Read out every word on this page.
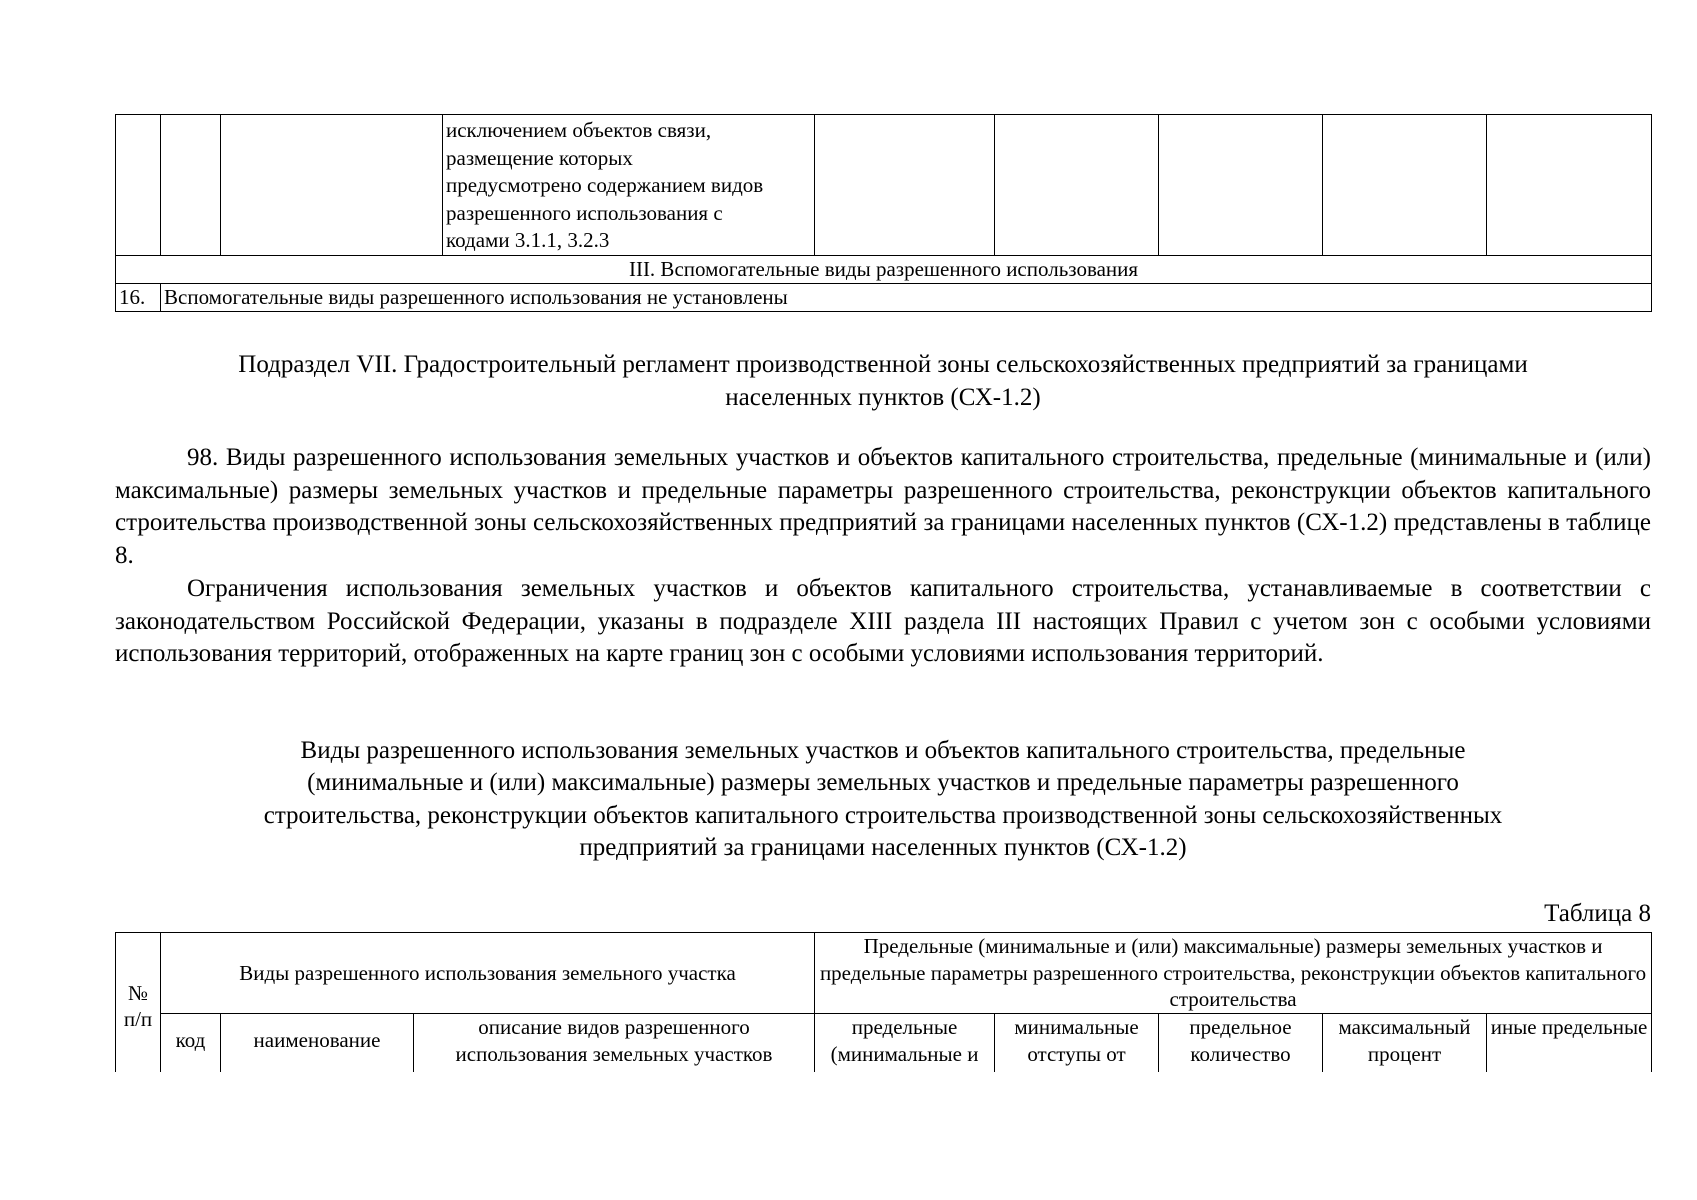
			исключением объектов связи,
размещение которых
предусмотрено содержанием видов
разрешенного использования с
кодами 3.1.1, 3.2.3					

III. Вспомогательные виды разрешенного использования								
16.	Вспомогательные виды разрешенного использования не установлены							
Подраздел VII. Градостроительный регламент производственной зоны сельскохозяйственных предприятий за границами
населенных пунктов (СХ-1.2)
98. Виды разрешенного использования земельных участков и объектов капитального строительства, предельные (минимальные и (или) максимальные) размеры земельных участков и предельные параметры разрешенного строительства, реконструкции объектов капитального строительства производственной зоны сельскохозяйственных предприятий за границами населенных пунктов (СХ-1.2) представлены в таблице 8.
Ограничения использования земельных участков и объектов капитального строительства, устанавливаемые в соответствии с законодательством Российской Федерации, указаны в подразделе XIII раздела III настоящих Правил с учетом зон с особыми условиями использования территорий, отображенных на карте границ зон с особыми условиями использования территорий.
Виды разрешенного использования земельных участков и объектов капитального строительства, предельные
(минимальные и (или) максимальные) размеры земельных участков и предельные параметры разрешенного
строительства, реконструкции объектов капитального строительства производственной зоны сельскохозяйственных
предприятий за границами населенных пунктов (СХ-1.2)
Таблица 8
№ п/п	Виды разрешенного использования земельного участка			Предельные (минимальные и (или) максимальные) размеры земельных участков и предельные параметры разрешенного строительства, реконструкции объектов капитального строительства				
	код	наименование	описание видов разрешенного использования земельных участков	предельные (минимальные и	минимальные отступы от	предельное количество	максимальный процент	иные предельные
